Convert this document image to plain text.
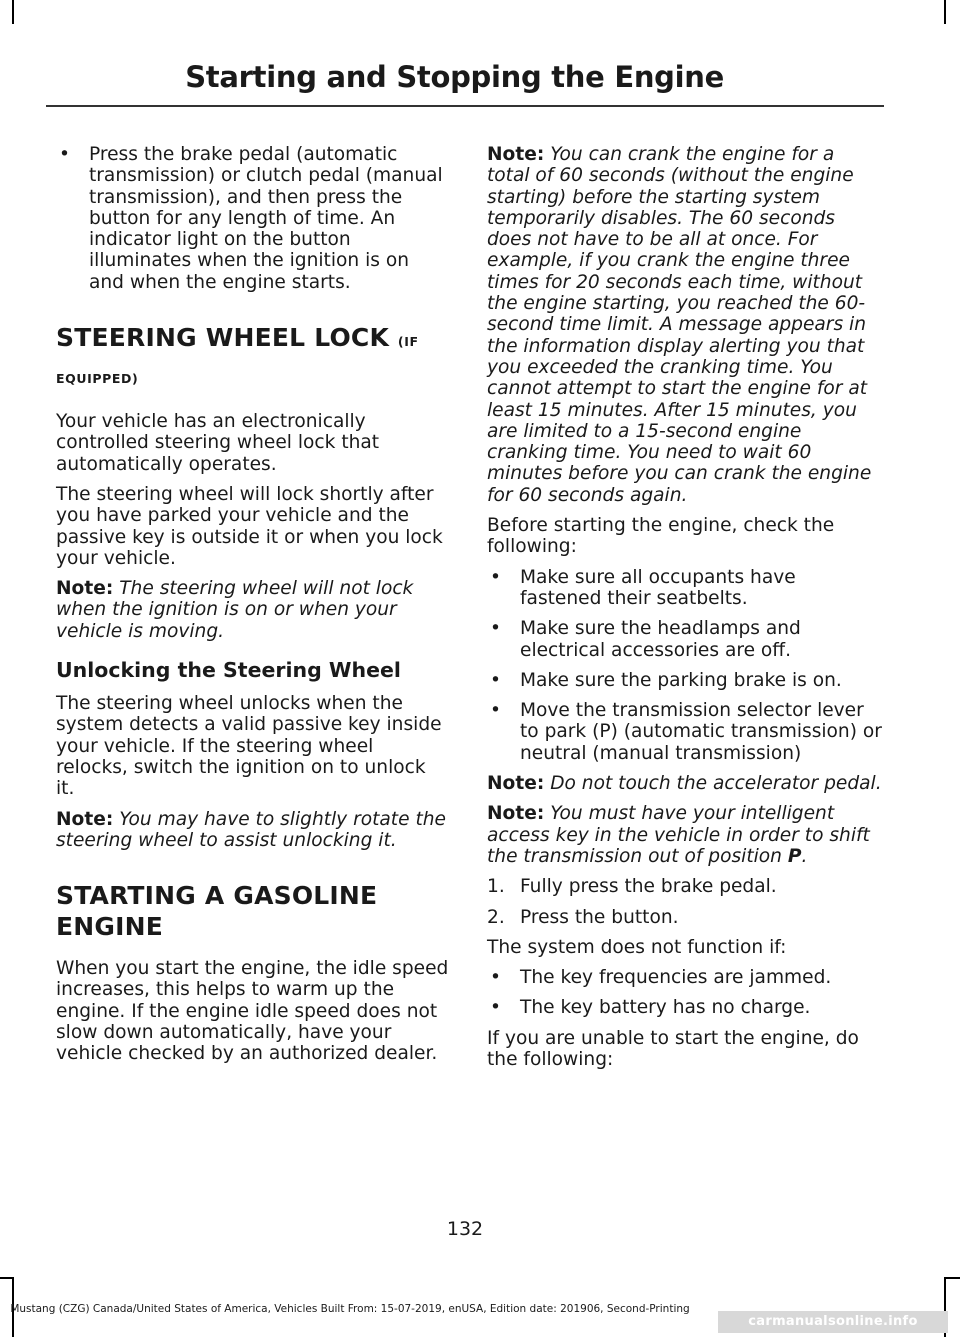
Starting and Stopping the Engine
• Press the brake pedal (automatic transmission) or clutch pedal (manual transmission), and then press the button for any length of time. An indicator light on the button illuminates when the ignition is on and when the engine starts.
STEERING WHEEL LOCK (IF
EQUIPPED)

Your vehicle has an electronically controlled steering wheel lock that automatically operates.

The steering wheel will lock shortly after you have parked your vehicle and the passive key is outside it or when you lock your vehicle.

Note: The steering wheel will not lock when the ignition is on or when your vehicle is moving.

Unlocking the Steering Wheel

The steering wheel unlocks when the system detects a valid passive key inside your vehicle. If the steering wheel relocks, switch the ignition on to unlock it.

Note: You may have to slightly rotate the steering wheel to assist unlocking it.

STARTING A GASOLINE
ENGINE

When you start the engine, the idle speed increases, this helps to warm up the engine. If the engine idle speed does not slow down automatically, have your vehicle checked by an authorized dealer.

Note: You can crank the engine for a total of 60 seconds (without the engine starting) before the starting system temporarily disables. The 60 seconds does not have to be all at once. For example, if you crank the engine three times for 20 seconds each time, without the engine starting, you reached the 60-second time limit. A message appears in the information display alerting you that you exceeded the cranking time. You cannot attempt to start the engine for at least 15 minutes. After 15 minutes, you are limited to a 15-second engine cranking time. You need to wait 60 minutes before you can crank the engine for 60 seconds again.

Before starting the engine, check the following:

• Make sure all occupants have fastened their seatbelts.
• Make sure the headlamps and electrical accessories are off.
• Make sure the parking brake is on.
• Move the transmission selector lever to park (P) (automatic transmission) or neutral (manual transmission)

Note: Do not touch the accelerator pedal.

Note: You must have your intelligent access key in the vehicle in order to shift the transmission out of position P.

1. Fully press the brake pedal.
2. Press the button.

The system does not function if:

• The key frequencies are jammed.
• The key battery has no charge.

If you are unable to start the engine, do the following:

132
Mustang (CZG) Canada/United States of America, Vehicles Built From: 15-07-2019, enUSA, Edition date: 201906, Second-Printing
carmanualsonline.info
